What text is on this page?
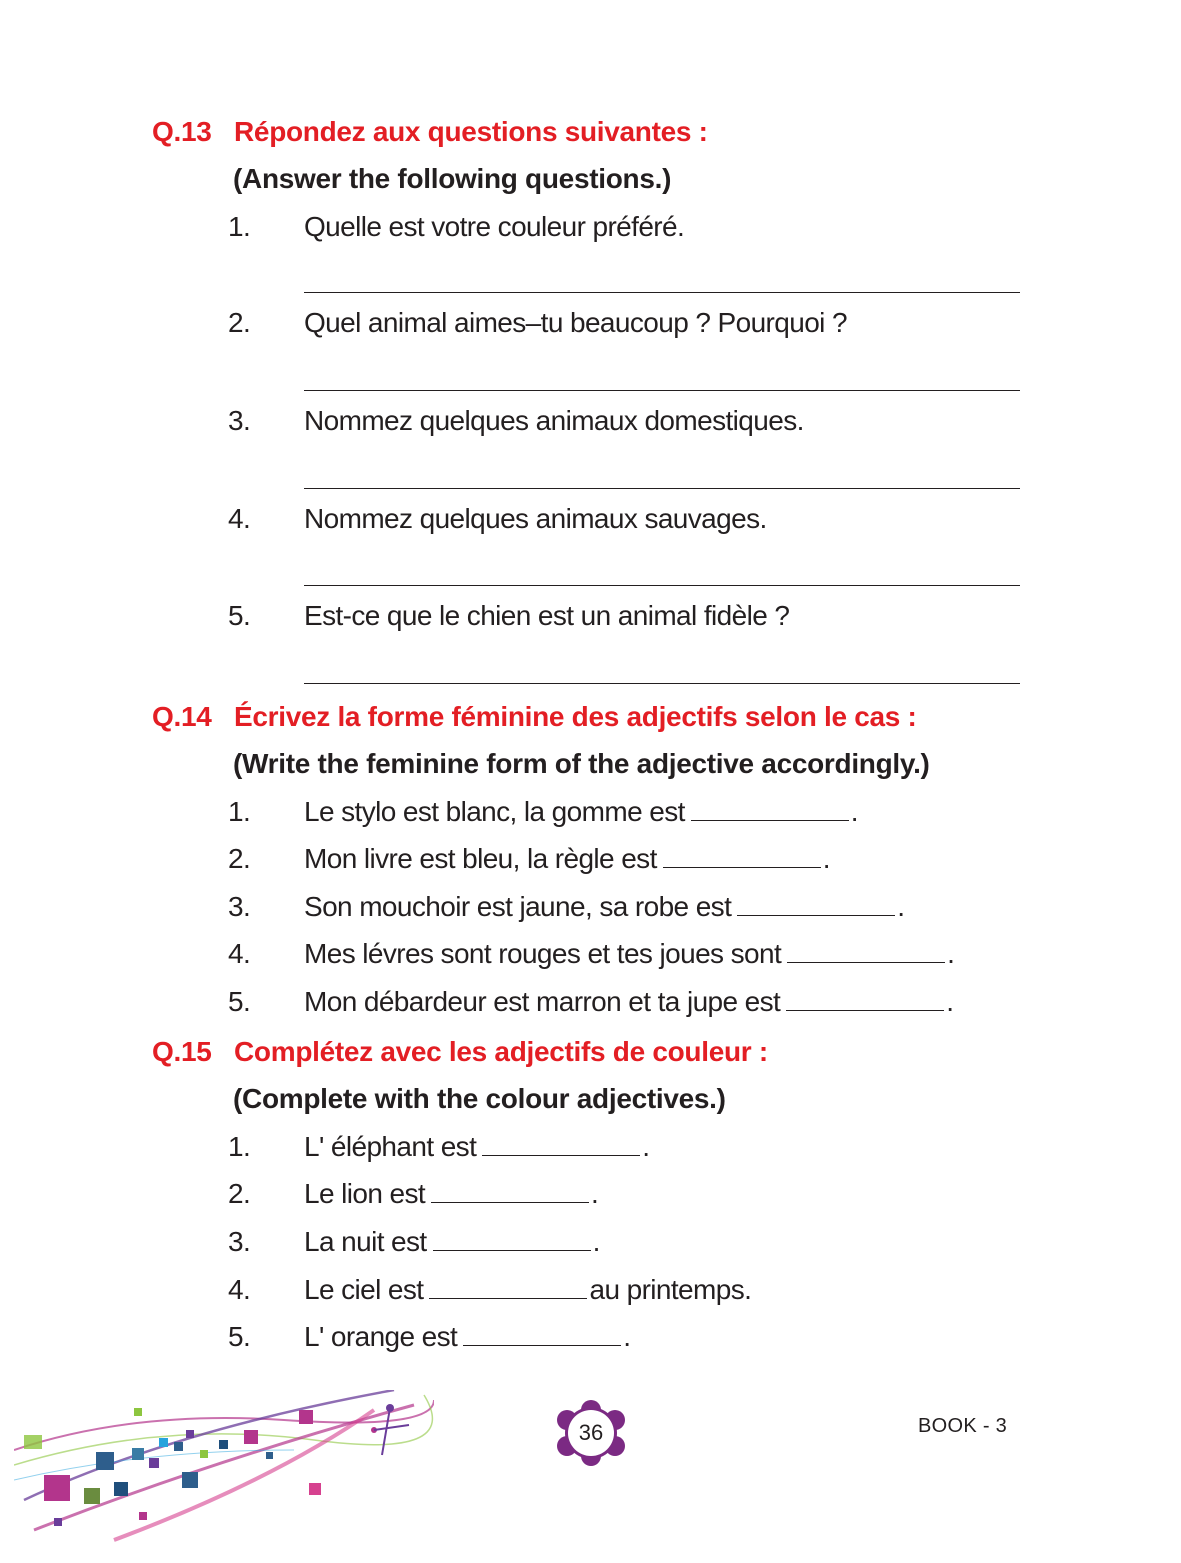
Q.13 Répondez aux questions suivantes :
(Answer the following questions.)
1. Quelle est votre couleur préféré.
2. Quel animal aimes–tu beaucoup ? Pourquoi ?
3. Nommez quelques animaux domestiques.
4. Nommez quelques animaux sauvages.
5. Est-ce que le chien est un animal fidèle ?
Q.14 Écrivez la forme féminine des adjectifs selon le cas :
(Write the feminine form of the adjective accordingly.)
1. Le stylo est blanc, la gomme est	.
2. Mon livre est bleu, la règle est	.
3. Son mouchoir est jaune, sa robe est	.
4. Mes lévres sont rouges et tes joues sont	.
5. Mon débardeur est marron et ta jupe est	.
Q.15 Complétez avec les adjectifs de couleur :
(Complete with the colour adjectives.)
1. L' éléphant est	.
2. Le lion est	.
3. La nuit est	.
4. Le ciel est	au printemps.
5. L' orange est	.
36	BOOK - 3
